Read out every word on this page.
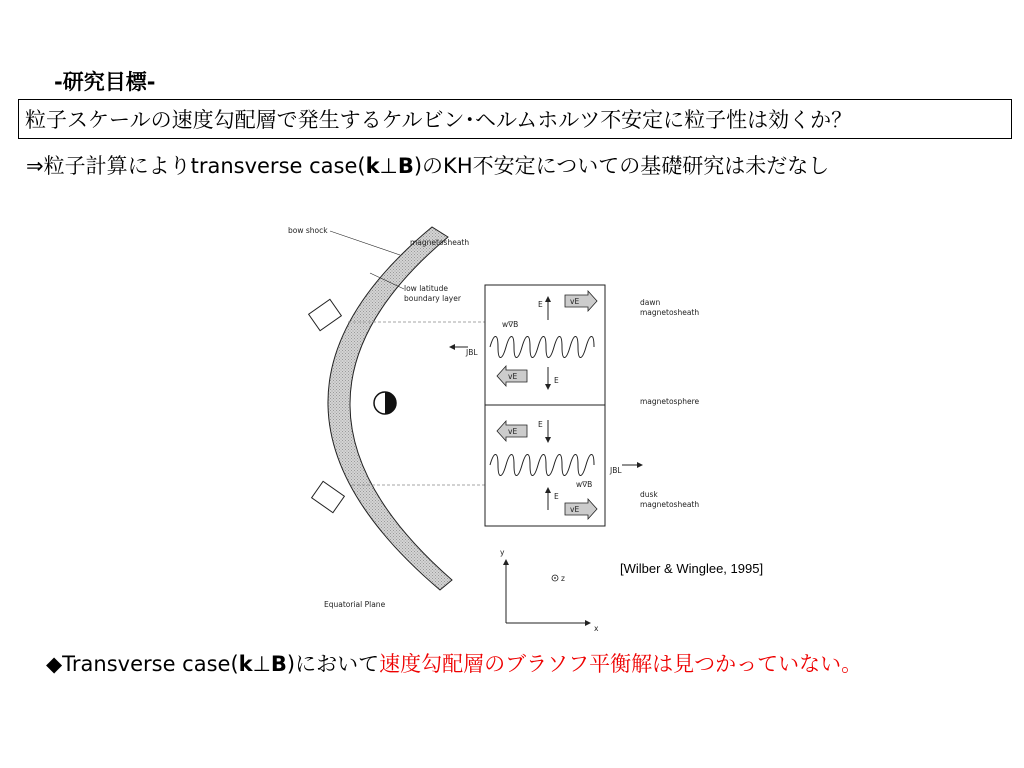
-研究目標-
粒子スケールの速度勾配層で発生するケルビン･ヘルムホルツ不安定に粒子性は効くか？
⇒粒子計算によりtransverse case(k⊥B)のKH不安定についての基礎研究は未だなし
bow shock
magnetosheath
low latitude
boundary layer
Equatorial Plane
E	vE
w∇B
JBL
vE	E
vE
E
JBL
w∇B
E
vE
dawn
magnetosheath
magnetosphere
dusk
magnetosheath
y
x
z
[Wilber & Winglee, 1995]
◆Transverse case(k⊥B)において速度勾配層のブラソフ平衡解は見つかっていない。
